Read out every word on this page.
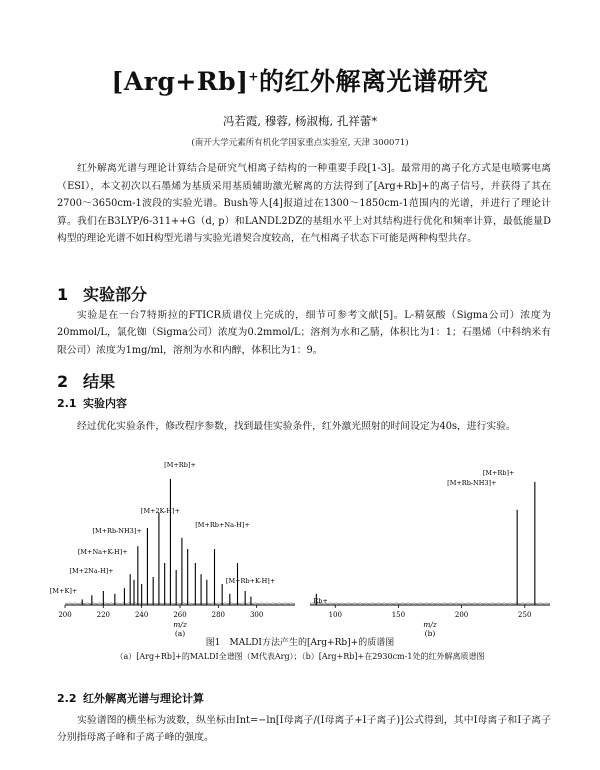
[Arg+Rb]+的红外解离光谱研究
冯若霞, 穆蓉, 杨淑梅, 孔祥蕾*
(南开大学元素所有机化学国家重点实验室, 天津 300071)
红外解离光谱与理论计算结合是研究气相离子结构的一种重要手段[1-3]。最常用的离子化方式是电喷雾电离（ESI），本文初次以石墨烯为基质采用基质辅助激光解离的方法得到了[Arg+Rb]+的离子信号，并获得了其在2700～3650cm-1波段的实验光谱。Bush等人[4]报道过在1300～1850cm-1范围内的光谱，并进行了理论计算。我们在B3LYP/6-311++G（d, p）和LANDL2DZ的基组水平上对其结构进行优化和频率计算，最低能量D构型的理论光谱不如H构型光谱与实验光谱契合度较高，在气相离子状态下可能是两种构型共存。
1 实验部分
实验是在一台7特斯拉的FTICR质谱仪上完成的，细节可参考文献[5]。L-精氨酸（Sigma公司）浓度为20mmol/L，氯化铷（Sigma公司）浓度为0.2mmol/L；溶剂为水和乙腈，体积比为1：1；石墨烯（中科纳米有限公司）浓度为1mg/ml，溶剂为水和内醇，体积比为1：9。
2 结果
2.1 实验内容
经过优化实验条件，修改程序参数，找到最佳实验条件，红外激光照射的时间设定为40s，进行实验。
200	220	240	260	280	300
m/z
(a)
[M+Rb]+
[M+2K-H]+
[M+Rb-NH3]+
[M+Na+K-H]+
[M+2Na-H]+
[M+K]+
[M+Rb+Na-H]+
[M+Rb+K-H]+
100	150	200	250
m/z
(b)
Rb+
[M+Rb]+
[M+Rb-NH3]+
图1　MALDI方法产生的[Arg+Rb]+的质谱图
（a）[Arg+Rb]+的MALDI全谱图（M代表Arg）；（b）[Arg+Rb]+在2930cm-1处的红外解离质谱图
2.2 红外解离光谱与理论计算
实验谱图的横坐标为波数，纵坐标由Int=−ln[I母离子/(I母离子+I子离子)]公式得到，其中I母离子和I子离子分别指母离子峰和子离子峰的强度。
